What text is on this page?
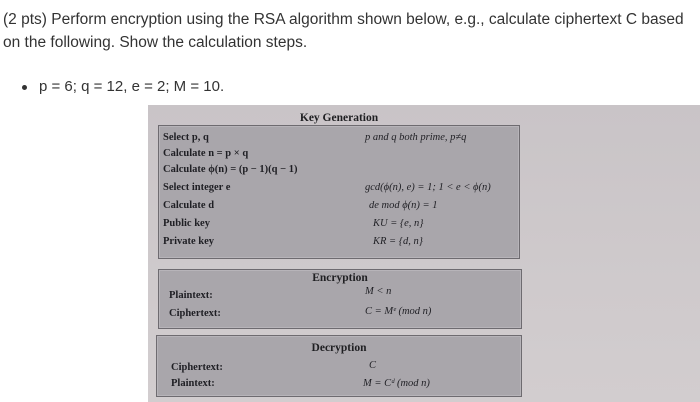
(2 pts) Perform encryption using the RSA algorithm shown below, e.g., calculate ciphertext C based on the following. Show the calculation steps.
p = 6; q = 12, e = 2; M = 10.
Key Generation
Select p, q	p and q both prime, p≠q
Calculate n = p × q
Calculate ϕ(n) = (p − 1)(q − 1)
Select integer e	gcd(ϕ(n), e) = 1; 1 < e < ϕ(n)
Calculate d	de mod ϕ(n) = 1
Public key	KU = {e, n}
Private key	KR = {d, n}
Encryption
Plaintext:	M < n
Ciphertext:	C = Mᵉ (mod n)
Decryption
Ciphertext:	C
Plaintext:	M = Cᵈ (mod n)
